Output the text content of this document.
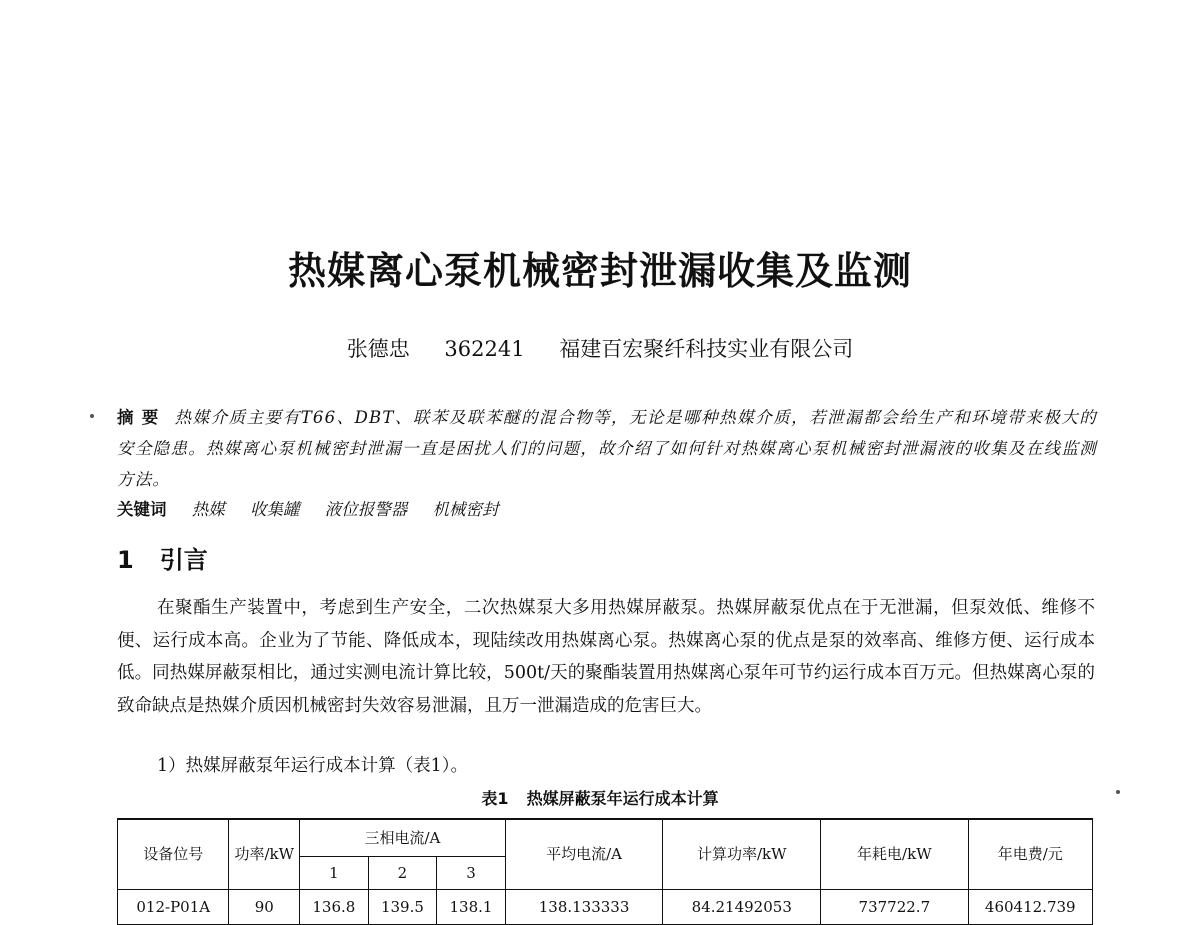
热媒离心泵机械密封泄漏收集及监测
张德忠 362241 福建百宏聚纤科技实业有限公司

摘要 热媒介质主要有T66、DBT、联苯及联苯醚的混合物等，无论是哪种热媒介质，若泄漏都会给生产和环境带来极大的安全隐患。热媒离心泵机械密封泄漏一直是困扰人们的问题，故介绍了如何针对热媒离心泵机械密封泄漏液的收集及在线监测方法。

关键词 热媒 收集罐 液位报警器 机械密封

1 引言

在聚酯生产装置中，考虑到生产安全，二次热媒泵大多用热媒屏蔽泵。热媒屏蔽泵优点在于无泄漏，但泵效低、维修不便、运行成本高。企业为了节能、降低成本，现陆续改用热媒离心泵。热媒离心泵的优点是泵的效率高、维修方便、运行成本低。同热媒屏蔽泵相比，通过实测电流计算比较，500t/天的聚酯装置用热媒离心泵年可节约运行成本百万元。但热媒离心泵的致命缺点是热媒介质因机械密封失效容易泄漏，且万一泄漏造成的危害巨大。

1）热媒屏蔽泵年运行成本计算（表1）。

表1 热媒屏蔽泵年运行成本计算

设备位号	功率/kW	三相电流/A			平均电流/A	计算功率/kW	年耗电/kW	年电费/元
		1	2	3				
012-P01A	90	136.8	139.5	138.1	138.133333	84.21492053	737722.7	460412.739
